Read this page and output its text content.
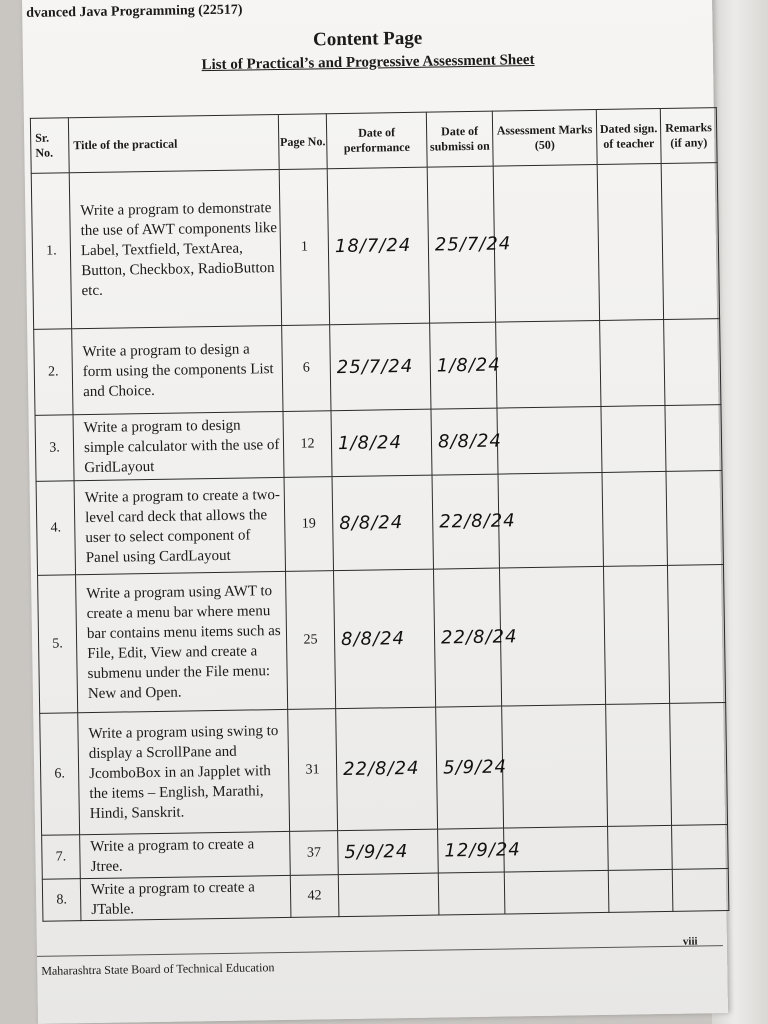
dvanced Java Programming (22517)
Content Page
List of Practical’s and Progressive Assessment Sheet
Sr. No.	Title of the practical	Page No.	Date of performance	Date of submissi on	Assessment Marks (50)	Dated sign. of teacher	Remarks (if any)
1.	Write a program to demonstrate the use of AWT components like Label, Textfield, TextArea, Button, Checkbox, RadioButton etc.	1	18/7/24	25/7/24			
2.	Write a program to design a form using the components List and Choice.	6	25/7/24	1/8/24			
3.	Write a program to design simple calculator with the use of GridLayout	12	1/8/24	8/8/24			
4.	Write a program to create a two-level card deck that allows the user to select component of Panel using CardLayout	19	8/8/24	22/8/24			
5.	Write a program using AWT to create a menu bar where menu bar contains menu items such as File, Edit, View and create a submenu under the File menu: New and Open.	25	8/8/24	22/8/24			
6.	Write a program using swing to display a ScrollPane and JcomboBox in an Japplet with the items – English, Marathi, Hindi, Sanskrit.	31	22/8/24	5/9/24			
7.	Write a program to create a Jtree.	37	5/9/24	12/9/24			
8.	Write a program to create a JTable.	42					
viii
Maharashtra State Board of Technical Education
